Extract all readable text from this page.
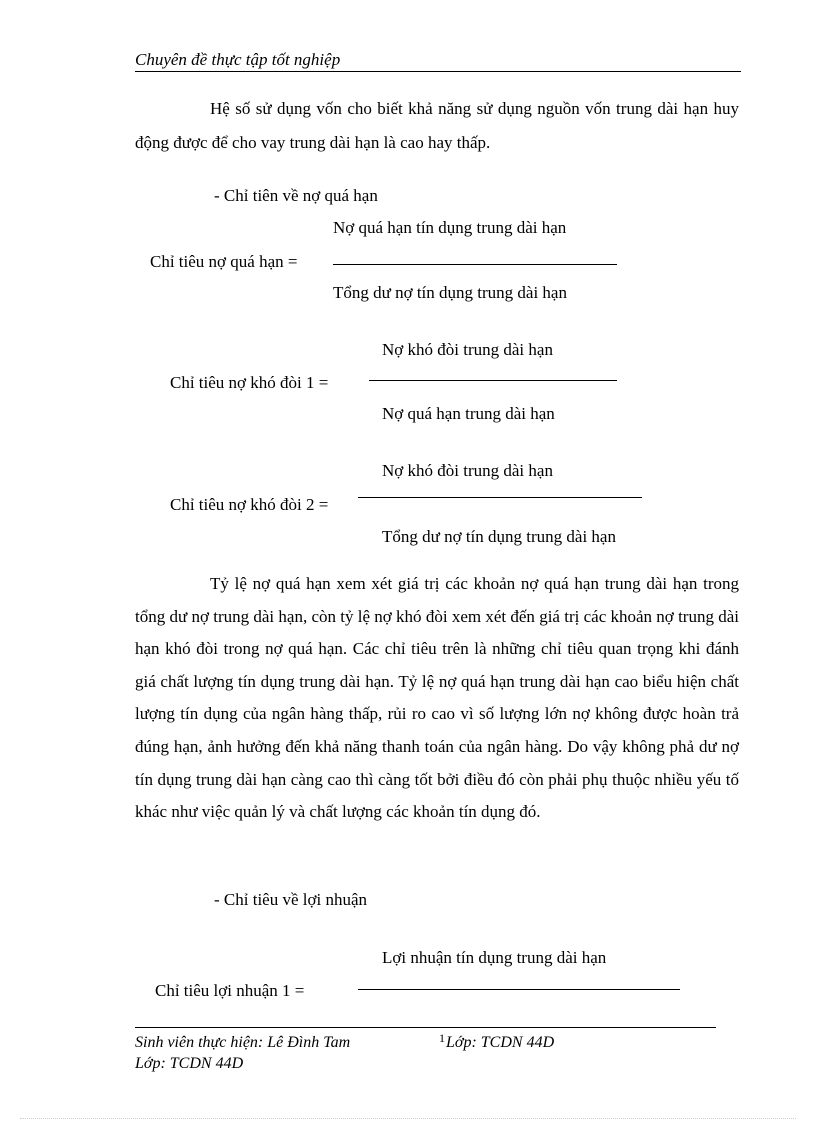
Chuyên đề thực tập tốt nghiệp

Hệ số sử dụng vốn cho biết khả năng sử dụng nguồn vốn trung dài hạn huy động được để cho vay trung dài hạn là cao hay thấp.

- Chỉ tiên về nợ quá hạn
Nợ quá hạn tín dụng trung dài hạn
Chỉ tiêu nợ quá hạn =
Tổng dư nợ tín dụng trung dài hạn
Nợ khó đòi trung dài hạn
Chỉ tiêu nợ khó đòi 1 =
Nợ quá hạn trung dài hạn
Nợ khó đòi trung dài hạn
Chỉ tiêu nợ khó đòi 2 =
Tổng dư nợ tín dụng trung dài hạn

Tỷ lệ nợ quá hạn xem xét giá trị các khoản nợ quá hạn trung dài hạn trong tổng dư nợ trung dài hạn, còn tỷ lệ nợ khó đòi xem xét đến giá trị các khoản nợ trung dài hạn khó đòi trong nợ quá hạn. Các chỉ tiêu trên là những chỉ tiêu quan trọng khi đánh giá chất lượng tín dụng trung dài hạn. Tỷ lệ nợ quá hạn trung dài hạn cao biểu hiện chất lượng tín dụng của ngân hàng thấp, rủi ro cao vì số lượng lớn nợ không được hoàn trả đúng hạn, ảnh hưởng đến khả năng thanh toán của ngân hàng. Do vậy không phả dư nợ tín dụng trung dài hạn càng cao thì càng tốt bởi điều đó còn phải phụ thuộc nhiều yếu tố khác như việc quản lý và chất lượng các khoản tín dụng đó.

- Chỉ tiêu về lợi nhuận
Lợi nhuận tín dụng trung dài hạn
Chỉ tiêu lợi nhuận 1 =
Sinh viên thực hiện: Lê Đình Tam	1 Lớp: TCDN 44D
Lớp: TCDN 44D
